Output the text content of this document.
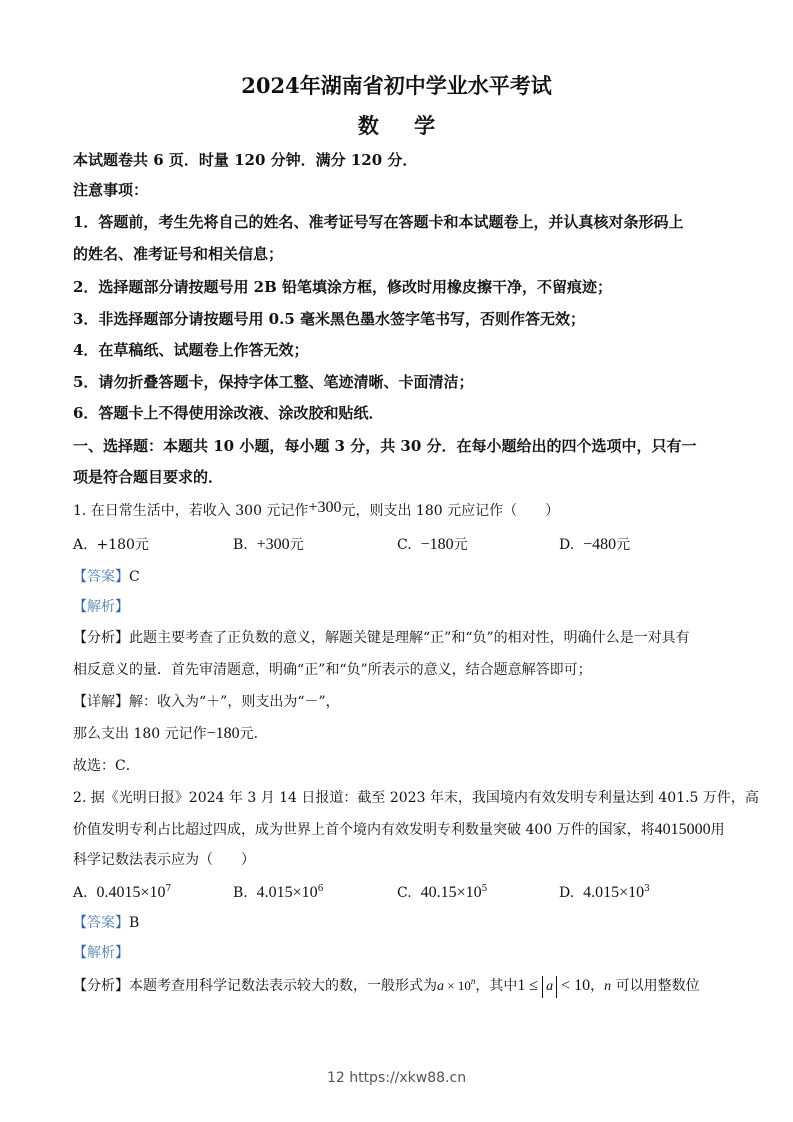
2024年湖南省初中学业水平考试
数 学
本试题卷共 6 页．时量 120 分钟．满分 120 分．
注意事项：
1．答题前，考生先将自己的姓名、准考证号写在答题卡和本试题卷上，并认真核对条形码上
的姓名、准考证号和相关信息；
2．选择题部分请按题号用 2B 铅笔填涂方框，修改时用橡皮擦干净，不留痕迹；
3．非选择题部分请按题号用 0.5 毫米黑色墨水签字笔书写，否则作答无效；
4．在草稿纸、试题卷上作答无效；
5．请勿折叠答题卡，保持字体工整、笔迹清晰、卡面清洁；
6．答题卡上不得使用涂改液、涂改胶和贴纸．
一、选择题：本题共 10 小题，每小题 3 分，共 30 分．在每小题给出的四个选项中，只有一
项是符合题目要求的．
1. 在日常生活中，若收入 300 元记作+300元，则支出 180 元应记作（　　）
A. +180元	B. +300元	C. −180元	D. −480元
【答案】C
【解析】
【分析】此题主要考查了正负数的意义，解题关键是理解“正”和“负”的相对性，明确什么是一对具有
相反意义的量．首先审清题意，明确“正”和“负”所表示的意义，结合题意解答即可；
【详解】解：收入为“＋”，则支出为“－”，
那么支出 180 元记作−180元．
故选：C．
2. 据《光明日报》2024 年 3 月 14 日报道：截至 2023 年末，我国境内有效发明专利量达到 401.5 万件，高
价值发明专利占比超过四成，成为世界上首个境内有效发明专利数量突破 400 万件的国家，将4015000用
科学记数法表示应为（　　）
A. $0.4015\times 10^7$	B. $4.015\times 10^6$	C. $40.15\times 10^5$	D. $4.015\times 10^3$
【答案】B
【解析】
【分析】本题考查用科学记数法表示较大的数，一般形式为$a \times 10^n$，其中1 ≤ a < 10，n 可以用整数位
12 https://xkw88.cn
